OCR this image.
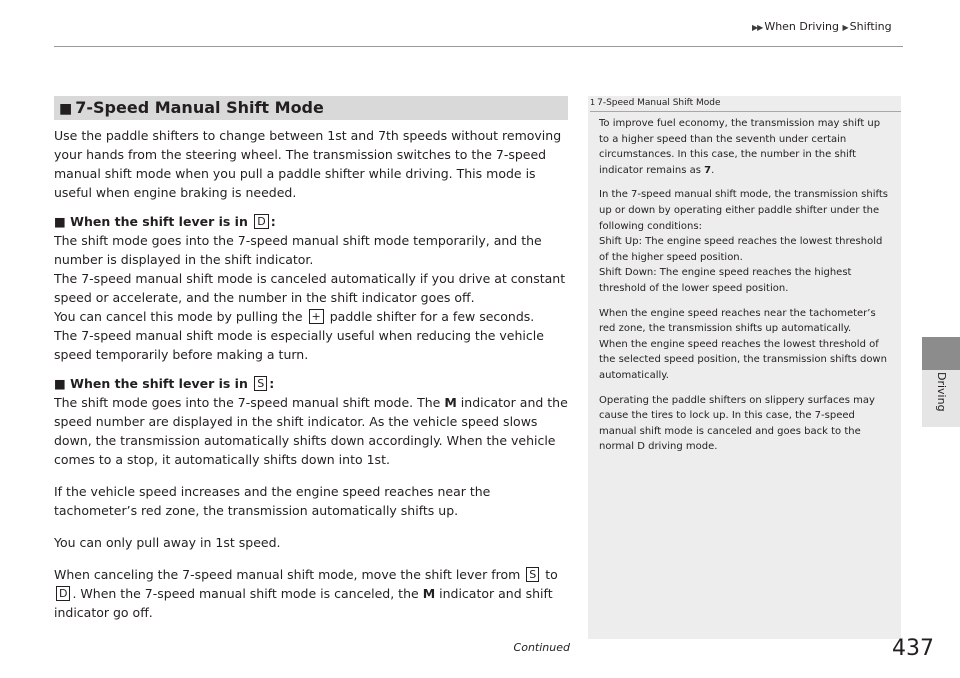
▶▶ When Driving ▶ Shifting
Driving
■ 7-Speed Manual Shift Mode

Use the paddle shifters to change between 1st and 7th speeds without removing your hands from the steering wheel. The transmission switches to the 7-speed manual shift mode when you pull a paddle shifter while driving. This mode is useful when engine braking is needed.

■ When the shift lever is in D :

The shift mode goes into the 7-speed manual shift mode temporarily, and the number is displayed in the shift indicator.

The 7-speed manual shift mode is canceled automatically if you drive at constant speed or accelerate, and the number in the shift indicator goes off.

You can cancel this mode by pulling the + paddle shifter for a few seconds.

The 7-speed manual shift mode is especially useful when reducing the vehicle speed temporarily before making a turn.

■ When the shift lever is in S :

The shift mode goes into the 7-speed manual shift mode. The M indicator and the speed number are displayed in the shift indicator. As the vehicle speed slows down, the transmission automatically shifts down accordingly. When the vehicle comes to a stop, it automatically shifts down into 1st.

If the vehicle speed increases and the engine speed reaches near the tachometer’s red zone, the transmission automatically shifts up.

You can only pull away in 1st speed.

When canceling the 7-speed manual shift mode, move the shift lever from S to D . When the 7-speed manual shift mode is canceled, the M indicator and shift indicator go off.

1 7-Speed Manual Shift Mode

To improve fuel economy, the transmission may shift up to a higher speed than the seventh under certain circumstances. In this case, the number in the shift indicator remains as 7.

In the 7-speed manual shift mode, the transmission shifts up or down by operating either paddle shifter under the following conditions:

Shift Up: The engine speed reaches the lowest threshold of the higher speed position.

Shift Down: The engine speed reaches the highest threshold of the lower speed position.

When the engine speed reaches near the tachometer’s red zone, the transmission shifts up automatically.

When the engine speed reaches the lowest threshold of the selected speed position, the transmission shifts down automatically.

Operating the paddle shifters on slippery surfaces may cause the tires to lock up. In this case, the 7-speed manual shift mode is canceled and goes back to the normal D driving mode.

Continued	437
